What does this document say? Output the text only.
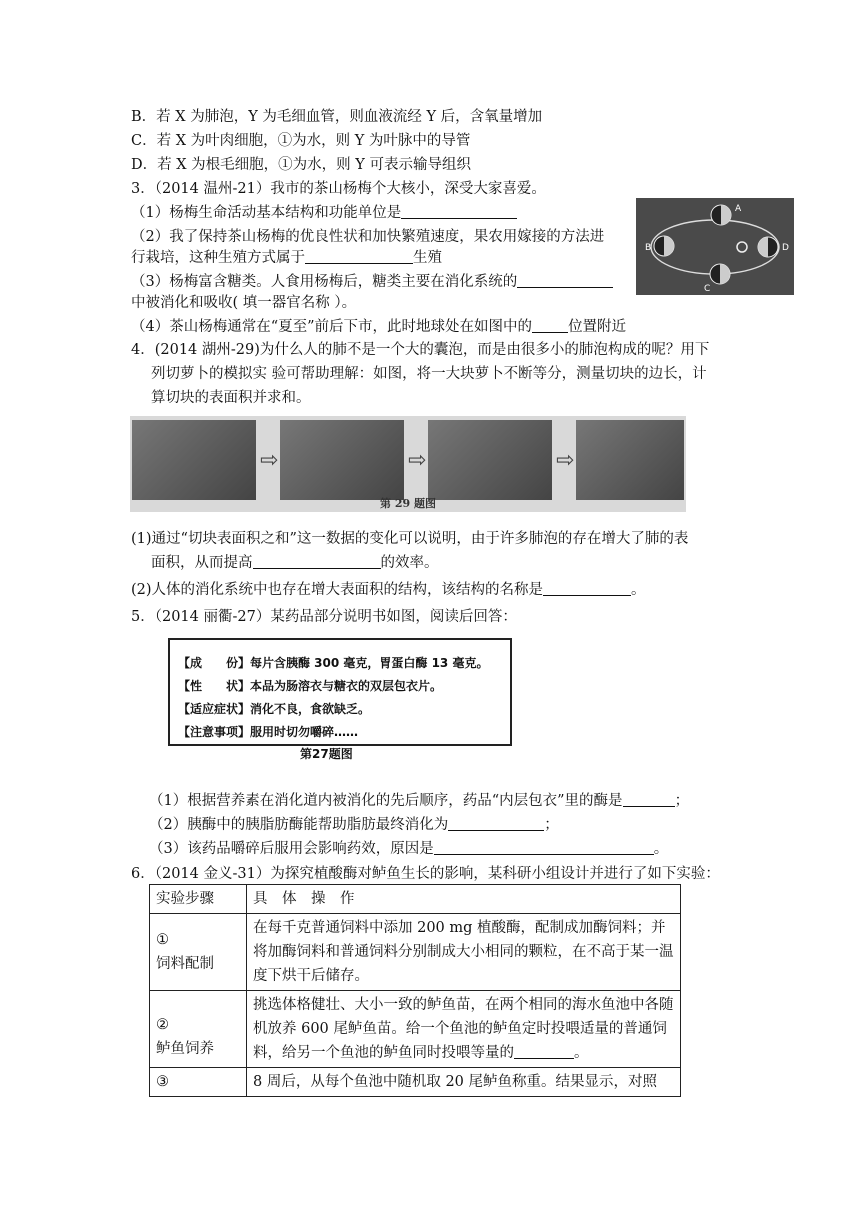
B．若 X 为肺泡，Y 为毛细血管，则血液流经 Y 后，含氧量增加
C．若 X 为叶肉细胞，①为水，则 Y 为叶脉中的导管
D．若 X 为根毛细胞，①为水，则 Y 可表示输导组织
3．（2014 温州-21）我市的茶山杨梅个大核小，深受大家喜爱。
（1）杨梅生命活动基本结构和功能单位是
（2）我了保持茶山杨梅的优良性状和加快繁殖速度，果农用嫁接的方法进
行栽培，这种生殖方式属于	生殖
（3）杨梅富含糖类。人食用杨梅后，糖类主要在消化系统的
中被消化和吸收( 填一器官名称 ）。
（4）茶山杨梅通常在“夏至”前后下市，此时地球处在如图中的 位置附近
A
B
C
D
4．(2014 湖州-29)为什么人的肺不是一个大的囊泡，而是由很多小的肺泡构成的呢？用下
列切萝卜的模拟实 验可帮助理解：如图，将一大块萝卜不断等分，测量切块的边长，计
算切块的表面积并求和。
⇨	⇨	⇨
第 29 题图
(1)通过“切块表面积之和”这一数据的变化可以说明，由于许多肺泡的存在增大了肺的表
面积，从而提高	的效率。
(2)人体的消化系统中也存在增大表面积的结构，该结构的名称是	。
5．（2014 丽衢-27）某药品部分说明书如图，阅读后回答：
【成　　份】每片含胰酶 300 毫克，胃蛋白酶 13 毫克。
【性　　状】本品为肠溶衣与糖衣的双层包衣片。
【适应症状】消化不良，食欲缺乏。
【注意事项】服用时切勿嚼碎……
第27题图
（1）根据营养素在消化道内被消化的先后顺序，药品“内层包衣”里的酶是	；
（2）胰酶中的胰脂肪酶能帮助脂肪最终消化为	；
（3）该药品嚼碎后服用会影响药效，原因是	。
6．（2014 金义-31）为探究植酸酶对鲈鱼生长的影响，某科研小组设计并进行了如下实验：
实验步骤	具　体　操　作

①
饲料配制	在每千克普通饲料中添加 200 mg 植酸酶，配制成加酶饲料；并将加酶饲料和普通饲料分别制成大小相同的颗粒，在不高于某一温度下烘干后储存。

②
鲈鱼饲养	挑选体格健壮、大小一致的鲈鱼苗，在两个相同的海水鱼池中各随机放养 600 尾鲈鱼苗。给一个鱼池的鲈鱼定时投喂适量的普通饲料，给另一个鱼池的鲈鱼同时投喂等量的 。

③	8 周后，从每个鱼池中随机取 20 尾鲈鱼称重。结果显示，对照
